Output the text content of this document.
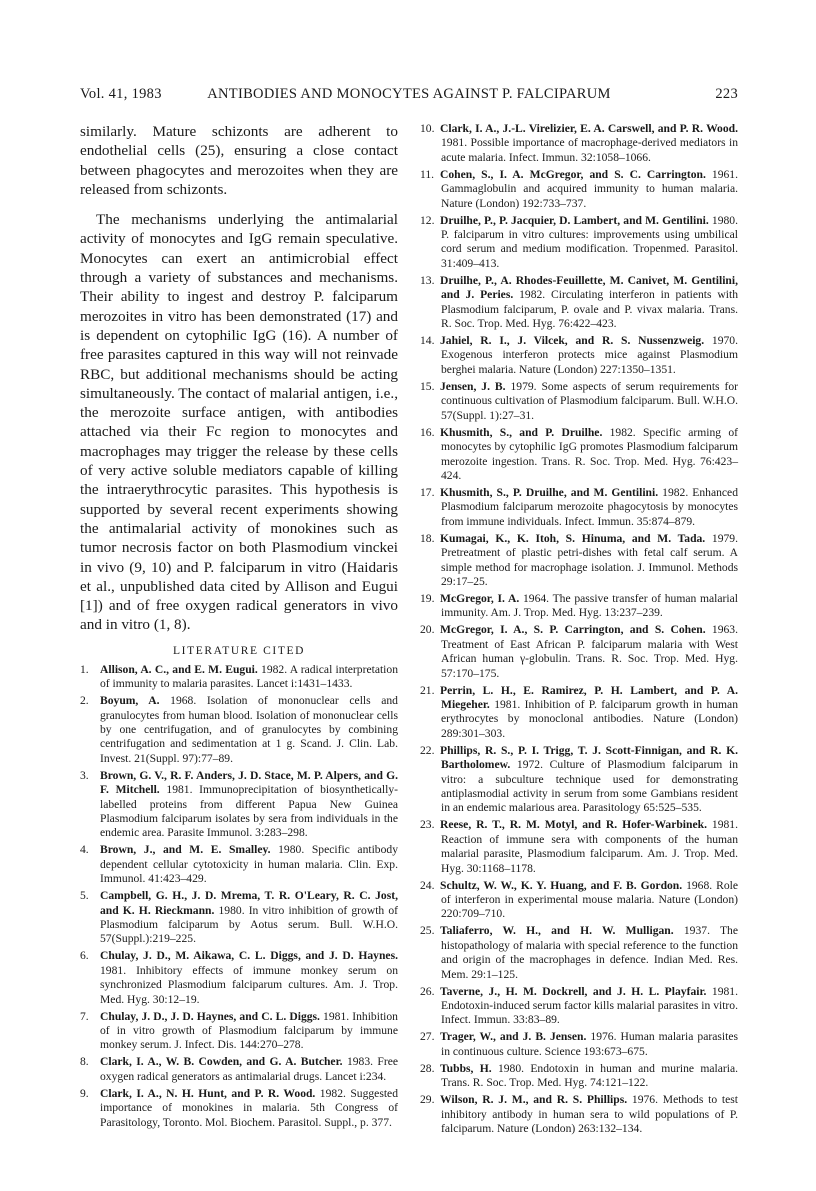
Vol. 41, 1983	ANTIBODIES AND MONOCYTES AGAINST P. FALCIPARUM	223

similarly. Mature schizonts are adherent to endothelial cells (25), ensuring a close contact between phagocytes and merozoites when they are released from schizonts.

The mechanisms underlying the antimalarial activity of monocytes and IgG remain speculative. Monocytes can exert an antimicrobial effect through a variety of substances and mechanisms. Their ability to ingest and destroy P. falciparum merozoites in vitro has been demonstrated (17) and is dependent on cytophilic IgG (16). A number of free parasites captured in this way will not reinvade RBC, but additional mechanisms should be acting simultaneously. The contact of malarial antigen, i.e., the merozoite surface antigen, with antibodies attached via their Fc region to monocytes and macrophages may trigger the release by these cells of very active soluble mediators capable of killing the intraerythrocytic parasites. This hypothesis is supported by several recent experiments showing the antimalarial activity of monokines such as tumor necrosis factor on both Plasmodium vinckei in vivo (9, 10) and P. falciparum in vitro (Haidaris et al., unpublished data cited by Allison and Eugui [1]) and of free oxygen radical generators in vivo and in vitro (1, 8).

LITERATURE CITED

1. Allison, A. C., and E. M. Eugui. 1982. A radical interpretation of immunity to malaria parasites. Lancet i:1431–1433.

2. Boyum, A. 1968. Isolation of mononuclear cells and granulocytes from human blood. Isolation of mononuclear cells by one centrifugation, and of granulocytes by combining centrifugation and sedimentation at 1 g. Scand. J. Clin. Lab. Invest. 21(Suppl. 97):77–89.

3. Brown, G. V., R. F. Anders, J. D. Stace, M. P. Alpers, and G. F. Mitchell. 1981. Immunoprecipitation of biosynthetically-labelled proteins from different Papua New Guinea Plasmodium falciparum isolates by sera from individuals in the endemic area. Parasite Immunol. 3:283–298.

4. Brown, J., and M. E. Smalley. 1980. Specific antibody dependent cellular cytotoxicity in human malaria. Clin. Exp. Immunol. 41:423–429.

5. Campbell, G. H., J. D. Mrema, T. R. O'Leary, R. C. Jost, and K. H. Rieckmann. 1980. In vitro inhibition of growth of Plasmodium falciparum by Aotus serum. Bull. W.H.O. 57(Suppl.):219–225.

6. Chulay, J. D., M. Aikawa, C. L. Diggs, and J. D. Haynes. 1981. Inhibitory effects of immune monkey serum on synchronized Plasmodium falciparum cultures. Am. J. Trop. Med. Hyg. 30:12–19.

7. Chulay, J. D., J. D. Haynes, and C. L. Diggs. 1981. Inhibition of in vitro growth of Plasmodium falciparum by immune monkey serum. J. Infect. Dis. 144:270–278.

8. Clark, I. A., W. B. Cowden, and G. A. Butcher. 1983. Free oxygen radical generators as antimalarial drugs. Lancet i:234.

9. Clark, I. A., N. H. Hunt, and P. R. Wood. 1982. Suggested importance of monokines in malaria. 5th Congress of Parasitology, Toronto. Mol. Biochem. Parasitol. Suppl., p. 377.

10. Clark, I. A., J.-L. Virelizier, E. A. Carswell, and P. R. Wood. 1981. Possible importance of macrophage-derived mediators in acute malaria. Infect. Immun. 32:1058–1066.

11. Cohen, S., I. A. McGregor, and S. C. Carrington. 1961. Gammaglobulin and acquired immunity to human malaria. Nature (London) 192:733–737.

12. Druilhe, P., P. Jacquier, D. Lambert, and M. Gentilini. 1980. P. falciparum in vitro cultures: improvements using umbilical cord serum and medium modification. Tropenmed. Parasitol. 31:409–413.

13. Druilhe, P., A. Rhodes-Feuillette, M. Canivet, M. Gentilini, and J. Peries. 1982. Circulating interferon in patients with Plasmodium falciparum, P. ovale and P. vivax malaria. Trans. R. Soc. Trop. Med. Hyg. 76:422–423.

14. Jahiel, R. I., J. Vilcek, and R. S. Nussenzweig. 1970. Exogenous interferon protects mice against Plasmodium berghei malaria. Nature (London) 227:1350–1351.

15. Jensen, J. B. 1979. Some aspects of serum requirements for continuous cultivation of Plasmodium falciparum. Bull. W.H.O. 57(Suppl. 1):27–31.

16. Khusmith, S., and P. Druilhe. 1982. Specific arming of monocytes by cytophilic IgG promotes Plasmodium falciparum merozoite ingestion. Trans. R. Soc. Trop. Med. Hyg. 76:423–424.

17. Khusmith, S., P. Druilhe, and M. Gentilini. 1982. Enhanced Plasmodium falciparum merozoite phagocytosis by monocytes from immune individuals. Infect. Immun. 35:874–879.

18. Kumagai, K., K. Itoh, S. Hinuma, and M. Tada. 1979. Pretreatment of plastic petri-dishes with fetal calf serum. A simple method for macrophage isolation. J. Immunol. Methods 29:17–25.

19. McGregor, I. A. 1964. The passive transfer of human malarial immunity. Am. J. Trop. Med. Hyg. 13:237–239.

20. McGregor, I. A., S. P. Carrington, and S. Cohen. 1963. Treatment of East African P. falciparum malaria with West African human γ-globulin. Trans. R. Soc. Trop. Med. Hyg. 57:170–175.

21. Perrin, L. H., E. Ramirez, P. H. Lambert, and P. A. Miegeher. 1981. Inhibition of P. falciparum growth in human erythrocytes by monoclonal antibodies. Nature (London) 289:301–303.

22. Phillips, R. S., P. I. Trigg, T. J. Scott-Finnigan, and R. K. Bartholomew. 1972. Culture of Plasmodium falciparum in vitro: a subculture technique used for demonstrating antiplasmodial activity in serum from some Gambians resident in an endemic malarious area. Parasitology 65:525–535.

23. Reese, R. T., R. M. Motyl, and R. Hofer-Warbinek. 1981. Reaction of immune sera with components of the human malarial parasite, Plasmodium falciparum. Am. J. Trop. Med. Hyg. 30:1168–1178.

24. Schultz, W. W., K. Y. Huang, and F. B. Gordon. 1968. Role of interferon in experimental mouse malaria. Nature (London) 220:709–710.

25. Taliaferro, W. H., and H. W. Mulligan. 1937. The histopathology of malaria with special reference to the function and origin of the macrophages in defence. Indian Med. Res. Mem. 29:1–125.

26. Taverne, J., H. M. Dockrell, and J. H. L. Playfair. 1981. Endotoxin-induced serum factor kills malarial parasites in vitro. Infect. Immun. 33:83–89.

27. Trager, W., and J. B. Jensen. 1976. Human malaria parasites in continuous culture. Science 193:673–675.

28. Tubbs, H. 1980. Endotoxin in human and murine malaria. Trans. R. Soc. Trop. Med. Hyg. 74:121–122.

29. Wilson, R. J. M., and R. S. Phillips. 1976. Methods to test inhibitory antibody in human sera to wild populations of P. falciparum. Nature (London) 263:132–134.
